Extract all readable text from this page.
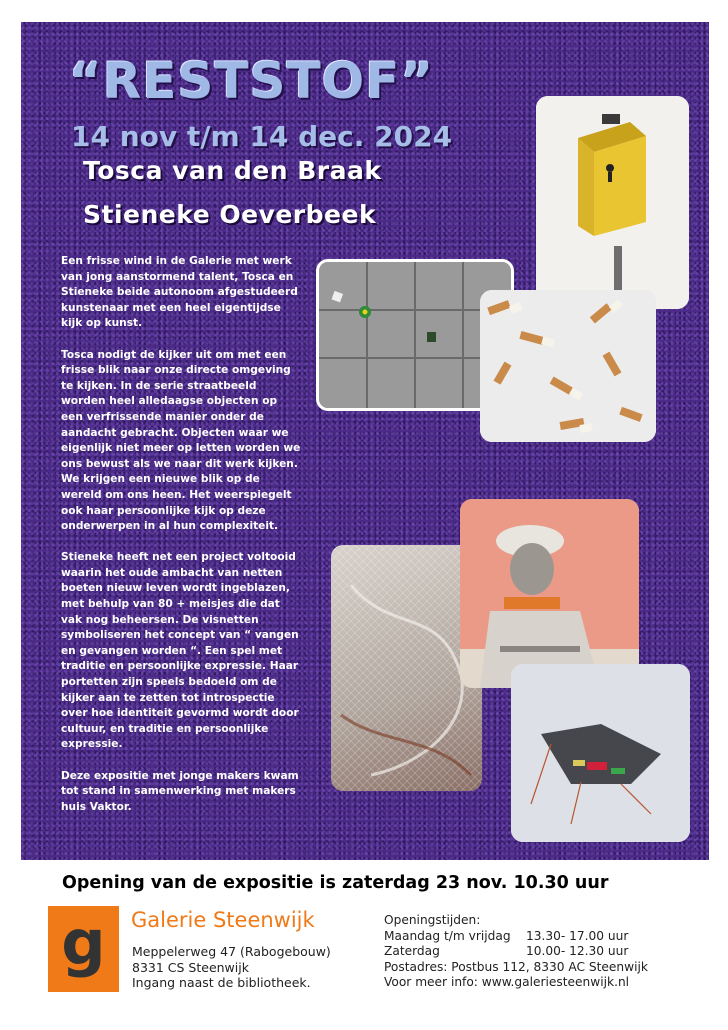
“RESTSTOF”
14 nov t/m 14 dec. 2024
Tosca van den Braak
Stieneke Oeverbeek

Een frisse wind in de Galerie met werk van jong aanstormend talent, Tosca en Stieneke beide autonoom afgestudeerd kunstenaar met een heel eigentijdse kijk op kunst.

Tosca nodigt de kijker uit om met een frisse blik naar onze directe omgeving te kijken. In de serie straatbeeld worden heel alledaagse objecten op een verfrissende manier onder de aandacht gebracht. Objecten waar we eigenlijk niet meer op letten worden we ons bewust als we naar dit werk kijken. We krijgen een nieuwe blik op de wereld om ons heen. Het weerspiegelt ook haar persoonlijke kijk op deze onderwerpen in al hun complexiteit.

Stieneke heeft net een project voltooid waarin het oude ambacht van netten boeten nieuw leven wordt ingeblazen, met behulp van 80 + meisjes die dat vak nog beheersen. De visnetten symboliseren het concept van “ vangen en gevangen worden “. Een spel met traditie en persoonlijke expressie. Haar portetten zijn speels bedoeld om de kijker aan te zetten tot introspectie over hoe identiteit gevormd wordt door cultuur, en traditie en persoonlijke expressie.

Deze expositie met jonge makers kwam tot stand in samenwerking met makers huis Vaktor.

Opening van de expositie is zaterdag 23 nov. 10.30 uur
g Galerie Steenwijk
Meppelerweg 47 (Rabogebouw)
8331 CS Steenwijk
Ingang naast de bibliotheek.
Openingstijden:
Maandag t/m vrijdag	13.30- 17.00 uur
Zaterdag	10.00- 12.30 uur
Postadres: Postbus 112, 8330 AC Steenwijk
Voor meer info: www.galeriesteenwijk.nl
